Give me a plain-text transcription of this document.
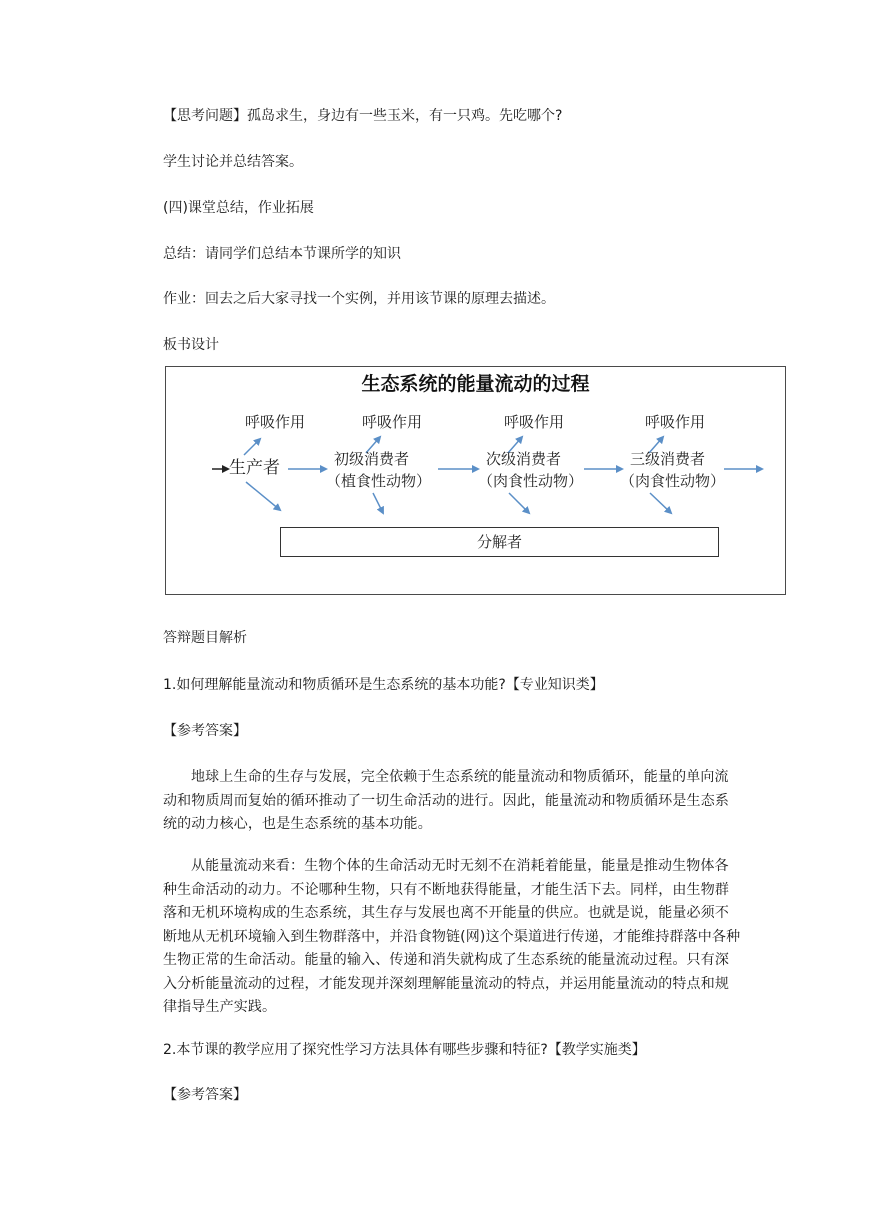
【思考问题】孤岛求生，身边有一些玉米，有一只鸡。先吃哪个?
学生讨论并总结答案。
(四)课堂总结，作业拓展
总结：请同学们总结本节课所学的知识
作业：回去之后大家寻找一个实例，并用该节课的原理去描述。
板书设计
生态系统的能量流动的过程
呼吸作用	呼吸作用	呼吸作用	呼吸作用
生产者	初级消费者
（植食性动物）
次级消费者
（肉食性动物）
三级消费者
（肉食性动物）
分解者
答辩题目解析
1.如何理解能量流动和物质循环是生态系统的基本功能?【专业知识类】
【参考答案】
地球上生命的生存与发展，完全依赖于生态系统的能量流动和物质循环，能量的单向流动和物质周而复始的循环推动了一切生命活动的进行。因此，能量流动和物质循环是生态系统的动力核心，也是生态系统的基本功能。
从能量流动来看：生物个体的生命活动无时无刻不在消耗着能量，能量是推动生物体各种生命活动的动力。不论哪种生物，只有不断地获得能量，才能生活下去。同样，由生物群落和无机环境构成的生态系统，其生存与发展也离不开能量的供应。也就是说，能量必须不断地从无机环境输入到生物群落中，并沿食物链(网)这个渠道进行传递，才能维持群落中各种生物正常的生命活动。能量的输入、传递和消失就构成了生态系统的能量流动过程。只有深入分析能量流动的过程，才能发现并深刻理解能量流动的特点，并运用能量流动的特点和规律指导生产实践。
2.本节课的教学应用了探究性学习方法具体有哪些步骤和特征?【教学实施类】
【参考答案】
